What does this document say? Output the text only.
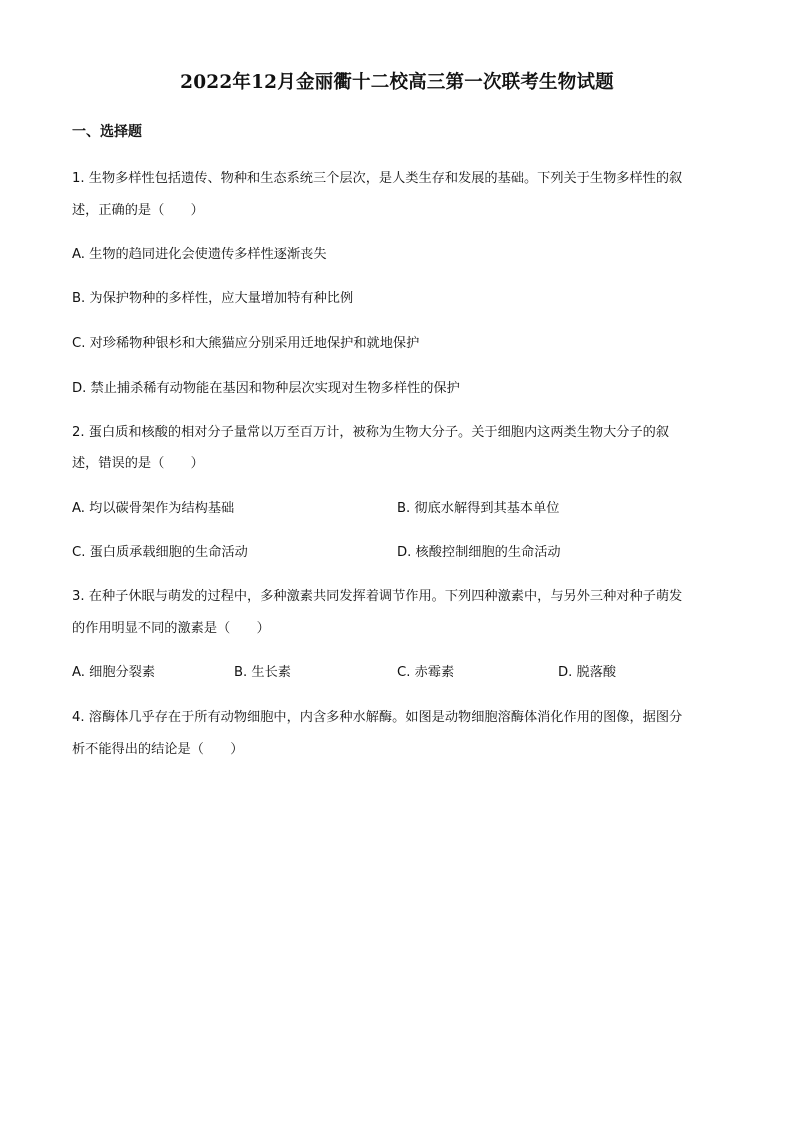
2022年12月金丽衢十二校高三第一次联考生物试题
一、选择题

1. 生物多样性包括遗传、物种和生态系统三个层次，是人类生存和发展的基础。下列关于生物多样性的叙

述，正确的是（　　）

A. 生物的趋同进化会使遗传多样性逐渐丧失

B. 为保护物种的多样性，应大量增加特有种比例

C. 对珍稀物种银杉和大熊猫应分别采用迁地保护和就地保护

D. 禁止捕杀稀有动物能在基因和物种层次实现对生物多样性的保护

2. 蛋白质和核酸的相对分子量常以万至百万计，被称为生物大分子。关于细胞内这两类生物大分子的叙

述，错误的是（　　）

A. 均以碳骨架作为结构基础	B. 彻底水解得到其基本单位
C. 蛋白质承载细胞的生命活动	D. 核酸控制细胞的生命活动

3. 在种子休眠与萌发的过程中，多种激素共同发挥着调节作用。下列四种激素中，与另外三种对种子萌发

的作用明显不同的激素是（　　）

A. 细胞分裂素	B. 生长素	C. 赤霉素	D. 脱落酸

4. 溶酶体几乎存在于所有动物细胞中，内含多种水解酶。如图是动物细胞溶酶体消化作用的图像，据图分

析不能得出的结论是（　　）
